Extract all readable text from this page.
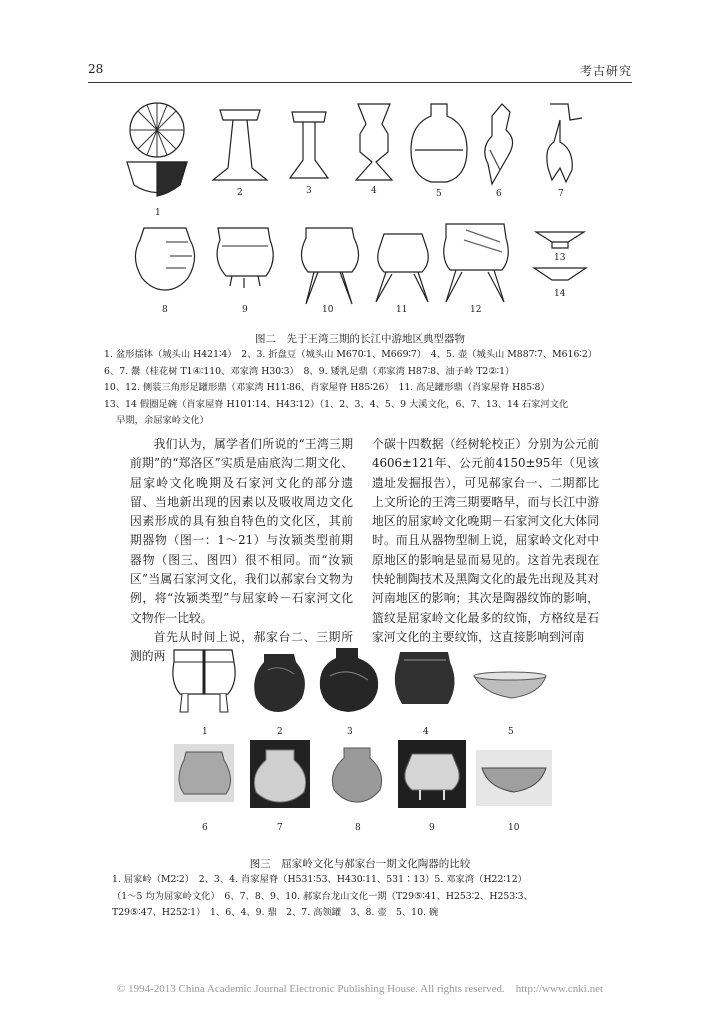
28	考古研究
1
2	3	4	5	6	7
8	9	10	11	12
13
14
图二　先于王湾三期的长江中游地区典型器物
1. 盆形擂钵（城头山 H421∶4）　2、3. 折盘豆（城头山 M670∶1、M669∶7）　4、5. 壶（城头山 M887∶7、M616∶2）
6、7. 鬶（桂花树 T1④∶110、邓家湾 H30∶3）　8、9. 矮乳足鼎（邓家湾 H87∶8、油子岭 T2②∶1）
10、12. 侧装三角形足罐形鼎（邓家湾 H11∶86、肖家屋脊 H85∶26）　11. 高足罐形鼎（肖家屋脊 H85∶8）
13、14 假圈足碗（肖家屋脊 H101∶14、H43∶12）（1、2、3、4、5、9 大溪文化，6、7、13、14 石家河文化
早期，余屈家岭文化）

我们认为，属学者们所说的“王湾三期前期”的“郑洛区”实质是庙底沟二期文化、屈家岭文化晚期及石家河文化的部分遗留、当地新出现的因素以及吸收周边文化因素形成的具有独自特色的文化区，其前期器物（图一：1～21）与汝颍类型前期器物（图三、图四）很不相同。而“汝颍区”当属石家河文化，我们以郝家台文物为例，将“汝颍类型”与屈家岭－石家河文化文物作一比较。

首先从时间上说，郝家台二、三期所测的两

个碳十四数据（经树轮校正）分别为公元前4606±121年、公元前4150±95年（见该遗址发掘报告），可见郝家台一、二期都比上文所论的王湾三期要略早，而与长江中游地区的屈家岭文化晚期－石家河文化大体同时。而且从器物型制上说，屈家岭文化对中原地区的影响是显而易见的。这首先表现在快轮制陶技术及黑陶文化的最先出现及其对河南地区的影响；其次是陶器纹饰的影响，篮纹是屈家岭文化最多的纹饰，方格纹是石家河文化的主要纹饰，这直接影响到河南

1	2	3	4	5
6	7	8	9	10
图三　屈家岭文化与郝家台一期文化陶器的比较
1. 屈家岭（M2∶2）　2、3、4. 肖家屋脊（H531∶53、H430∶11、531∶13）5. 邓家湾（H22∶12）
（1～5 均为屈家岭文化）　6、7、8、9、10. 郝家台龙山文化一期（T29⑤∶41、H253∶2、H253∶3、
T29⑤∶47、H252∶1）　1、6、4、9. 鼎　2、7. 高领罐　3、8. 壶　5、10. 碗
© 1994-2013 China Academic Journal Electronic Publishing House. All rights reserved.　http://www.cnki.net
